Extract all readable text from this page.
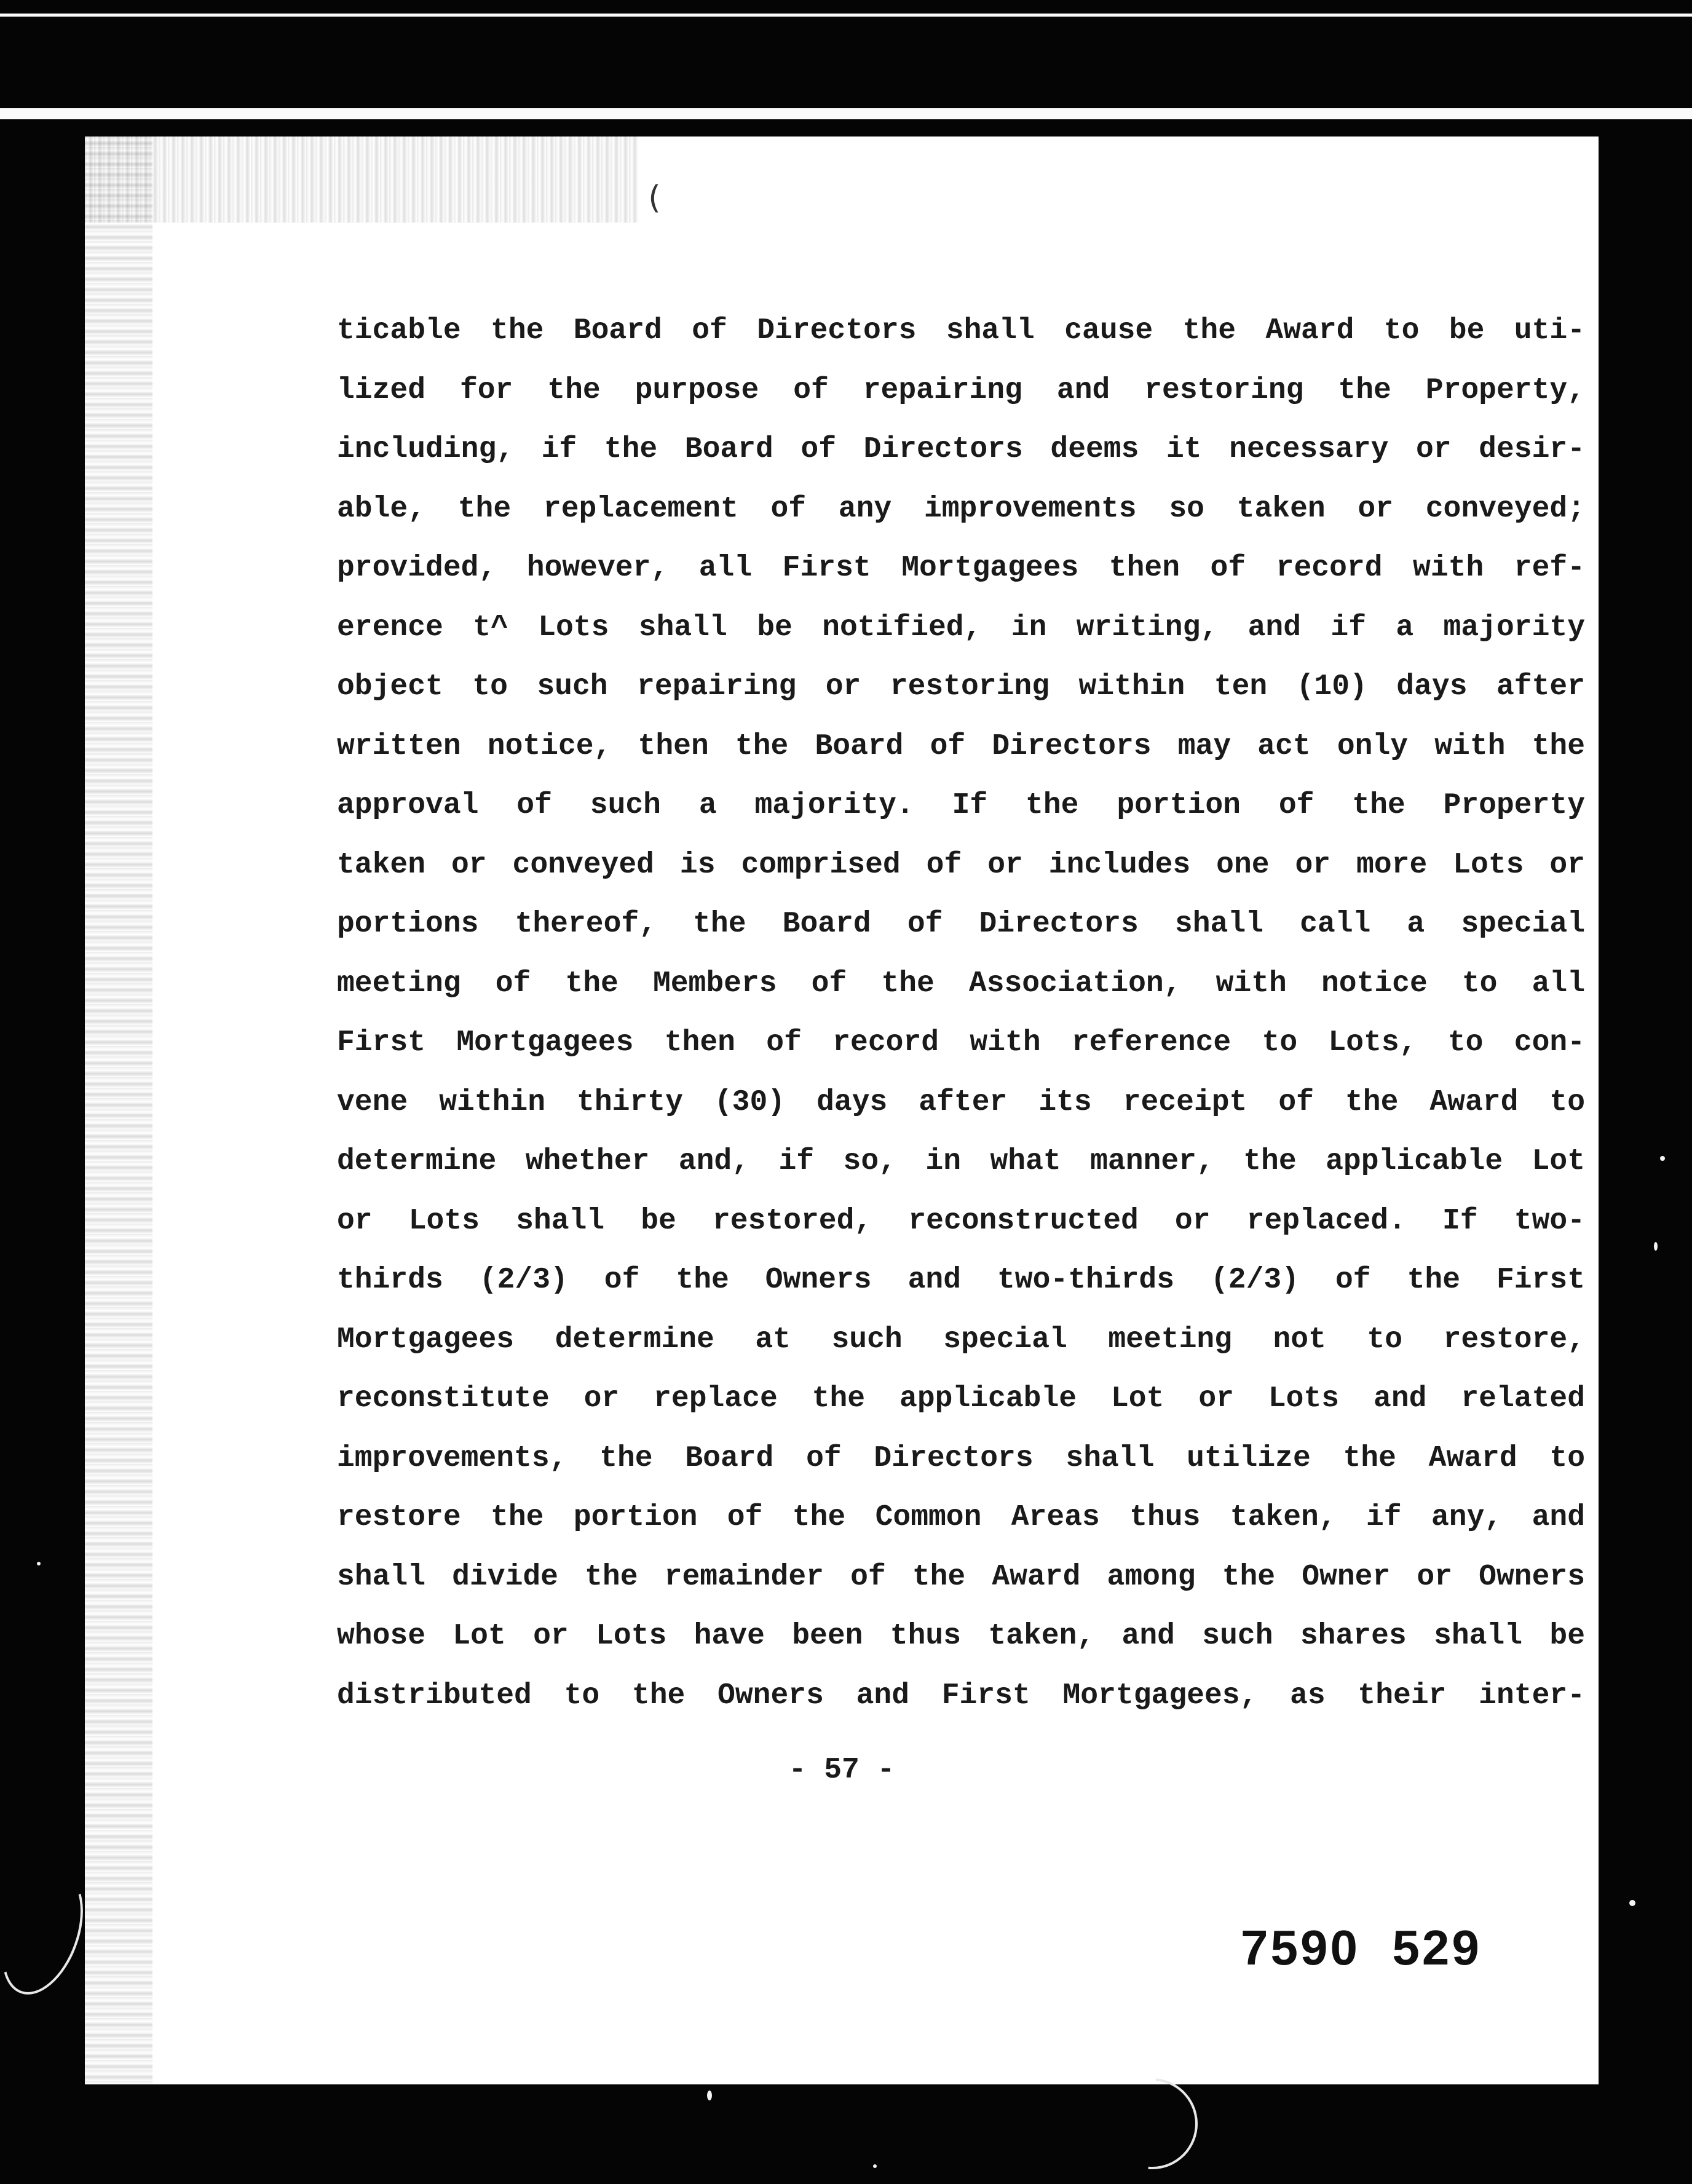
(
ticable the Board of Directors shall cause the Award to be uti-
lized for the purpose of repairing and restoring the Property,
including, if the Board of Directors deems it necessary or desir-
able, the replacement of any improvements so taken or conveyed;
provided, however, all First Mortgagees then of record with ref-
erence t^ Lots shall be notified, in writing, and if a majority
object to such repairing or restoring within ten (10) days after
written notice, then the Board of Directors may act only with the
approval of such a majority. If the portion of the Property
taken or conveyed is comprised of or includes one or more Lots or
portions thereof, the Board of Directors shall call a special
meeting of the Members of the Association, with notice to all
First Mortgagees then of record with reference to Lots, to con-
vene within thirty (30) days after its receipt of the Award to
determine whether and, if so, in what manner, the applicable Lot
or Lots shall be restored, reconstructed or replaced. If two-
thirds (2/3) of the Owners and two-thirds (2/3) of the First
Mortgagees determine at such special meeting not to restore,
reconstitute or replace the applicable Lot or Lots and related
improvements, the Board of Directors shall utilize the Award to
restore the portion of the Common Areas thus taken, if any, and
shall divide the remainder of the Award among the Owner or Owners
whose Lot or Lots have been thus taken, and such shares shall be
distributed to the Owners and First Mortgagees, as their inter-
- 57 -
7590  529
